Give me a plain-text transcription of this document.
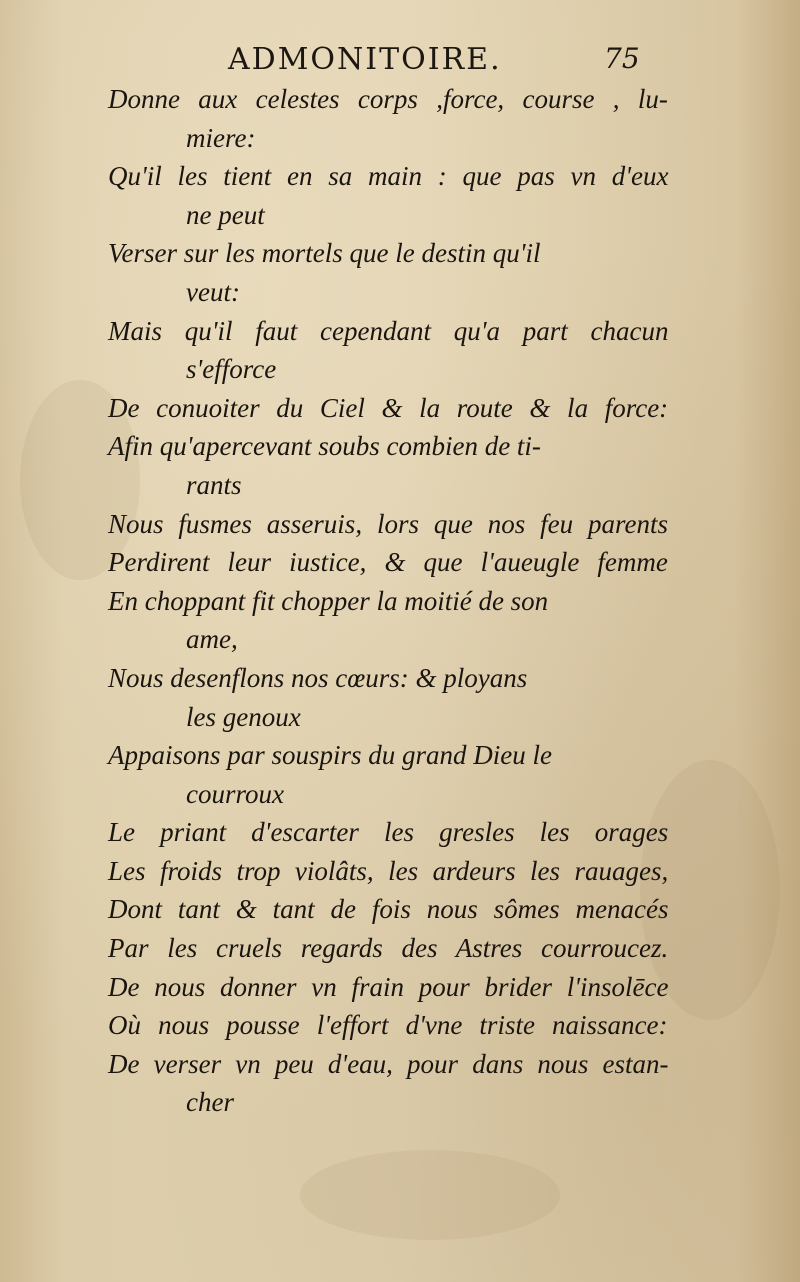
ADMONITOIRE.	75
Donne aux celestes corps ,force, course , lu-
miere:
Qu'il les tient en sa main : que pas vn d'eux
ne peut
Verser sur les mortels que le destin qu'il
veut:
Mais qu'il faut cependant qu'a part chacun
s'efforce
De conuoiter du Ciel & la route & la force:
Afin qu'apercevant soubs combien de ti-
rants
Nous fusmes asseruis, lors que nos feu parents
Perdirent leur iustice, & que l'aueugle femme
En choppant fit chopper la moitié de son
ame,
Nous desenflons nos cœurs: & ployans
les genoux
Appaisons par souspirs du grand Dieu le
courroux
Le priant d'escarter les gresles les orages
Les froids trop violâts, les ardeurs les rauages,
Dont tant & tant de fois nous sômes menacés
Par les cruels regards des Astres courroucez.
De nous donner vn frain pour brider l'insolēce
Où nous pousse l'effort d'vne triste naissance:
De verser vn peu d'eau, pour dans nous estan-
cher
